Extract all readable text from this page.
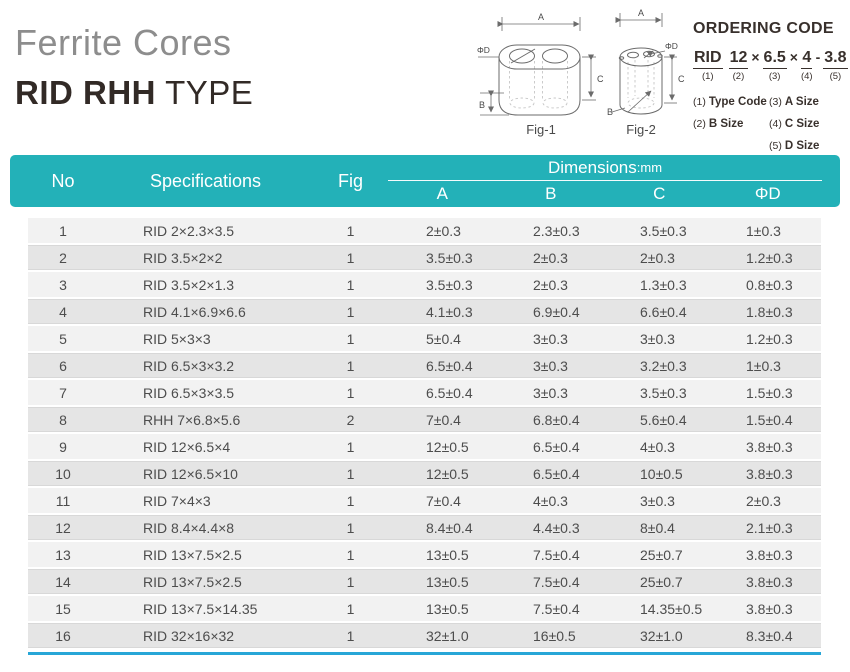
Ferrite Cores
RID RHH TYPE
A
ΦD
C
B
Fig-1
A
ΦD
C
B
Fig-2
ORDERING CODE
RID
(1)
12
(2)
× 6.5
(3)
× 4
(4)
- 3.8
(5)
(1) Type Code
(2) B Size
(3) A Size
(4) C Size
(5) D Size
No	Specifications	Fig
Dimensions :mm
A	B	C	ΦD
1	RID 2×2.3×3.5	1	2±0.3	2.3±0.3	3.5±0.3	1±0.3
2	RID 3.5×2×2	1	3.5±0.3	2±0.3	2±0.3	1.2±0.3
3	RID 3.5×2×1.3	1	3.5±0.3	2±0.3	1.3±0.3	0.8±0.3
4	RID 4.1×6.9×6.6	1	4.1±0.3	6.9±0.4	6.6±0.4	1.8±0.3
5	RID 5×3×3	1	5±0.4	3±0.3	3±0.3	1.2±0.3
6	RID 6.5×3×3.2	1	6.5±0.4	3±0.3	3.2±0.3	1±0.3
7	RID 6.5×3×3.5	1	6.5±0.4	3±0.3	3.5±0.3	1.5±0.3
8	RHH 7×6.8×5.6	2	7±0.4	6.8±0.4	5.6±0.4	1.5±0.4
9	RID 12×6.5×4	1	12±0.5	6.5±0.4	4±0.3	3.8±0.3
10	RID 12×6.5×10	1	12±0.5	6.5±0.4	10±0.5	3.8±0.3
11	RID 7×4×3	1	7±0.4	4±0.3	3±0.3	2±0.3
12	RID 8.4×4.4×8	1	8.4±0.4	4.4±0.3	8±0.4	2.1±0.3
13	RID 13×7.5×2.5	1	13±0.5	7.5±0.4	25±0.7	3.8±0.3
14	RID 13×7.5×2.5	1	13±0.5	7.5±0.4	25±0.7	3.8±0.3
15	RID 13×7.5×14.35	1	13±0.5	7.5±0.4	14.35±0.5	3.8±0.3
16	RID 32×16×32	1	32±1.0	16±0.5	32±1.0	8.3±0.4
